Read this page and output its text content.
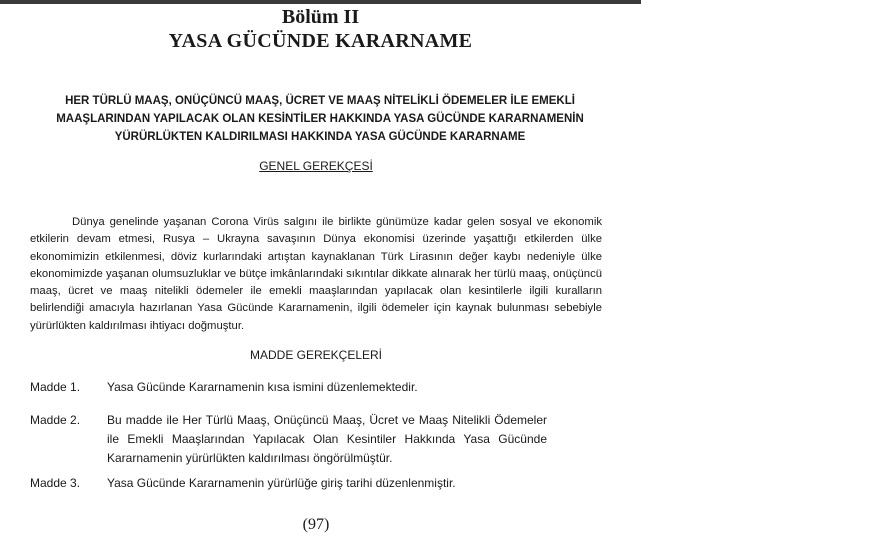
Bölüm II
YASA GÜCÜNDE KARARNAME
HER TÜRLÜ MAAŞ, ONÜÇÜNCÜ MAAŞ, ÜCRET VE MAAŞ NİTELİKLİ ÖDEMELER İLE EMEKLİ
MAAŞLARINDAN YAPILACAK OLAN KESİNTİLER HAKKINDA YASA GÜCÜNDE KARARNAMENİN
YÜRÜRLÜKTEN KALDIRILMASI HAKKINDA YASA GÜCÜNDE KARARNAME
GENEL GEREKÇESİ
Dünya genelinde yaşanan Corona Virüs salgını ile birlikte günümüze kadar gelen sosyal ve ekonomik etkilerin devam etmesi, Rusya – Ukrayna savaşının Dünya ekonomisi üzerinde yaşattığı etkilerden ülke ekonomimizin etkilenmesi, döviz kurlarındaki artıştan kaynaklanan Türk Lirasının değer kaybı nedeniyle ülke ekonomimizde yaşanan olumsuzluklar ve bütçe imkânlarındaki sıkıntılar dikkate alınarak her türlü maaş, onüçüncü maaş, ücret ve maaş nitelikli ödemeler ile emekli maaşlarından yapılacak olan kesintilerle ilgili kuralların belirlendiği amacıyla hazırlanan Yasa Gücünde Kararnamenin, ilgili ödemeler için kaynak bulunması sebebiyle yürürlükten kaldırılması ihtiyacı doğmuştur.
MADDE GEREKÇELERİ
Madde 1. Yasa Gücünde Kararnamenin kısa ismini düzenlemektedir.
Madde 2. Bu madde ile Her Türlü Maaş, Onüçüncü Maaş, Ücret ve Maaş Nitelikli Ödemeler ile Emekli Maaşlarından Yapılacak Olan Kesintiler Hakkında Yasa Gücünde Kararnamenin yürürlükten kaldırılması öngörülmüştür.
Madde 3. Yasa Gücünde Kararnamenin yürürlüğe giriş tarihi düzenlenmiştir.
(97)
